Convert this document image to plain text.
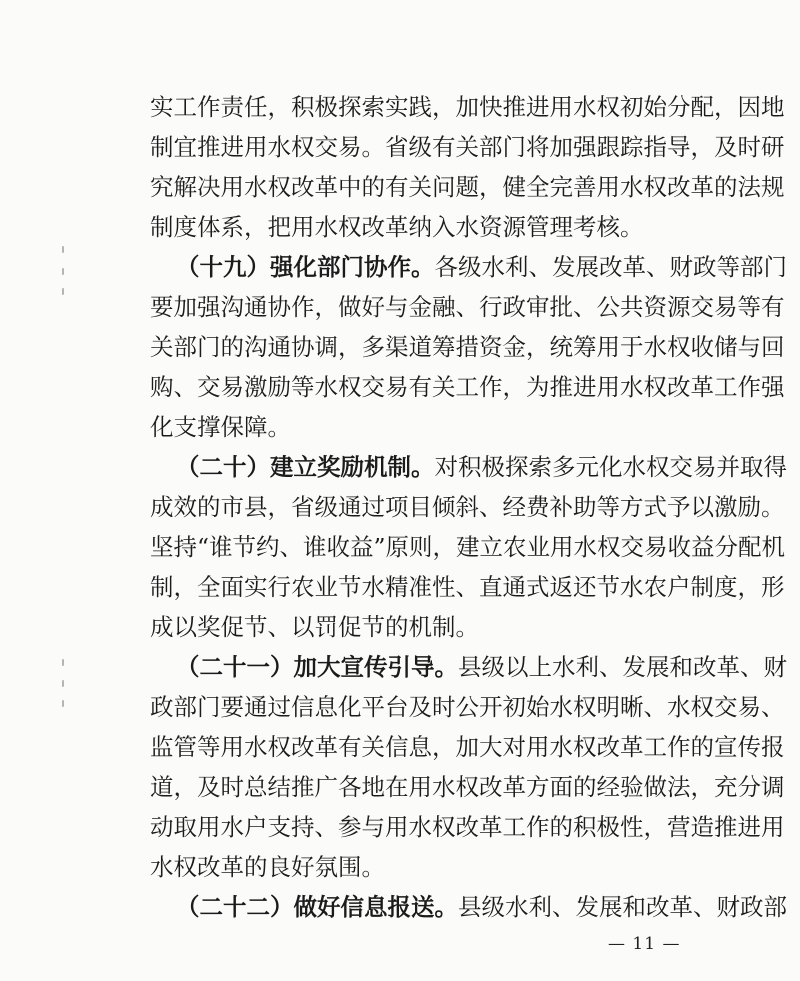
实工作责任，积极探索实践，加快推进用水权初始分配，因地
制宜推进用水权交易。省级有关部门将加强跟踪指导，及时研
究解决用水权改革中的有关问题，健全完善用水权改革的法规
制度体系，把用水权改革纳入水资源管理考核。
（十九）强化部门协作。各级水利、发展改革、财政等部门
要加强沟通协作，做好与金融、行政审批、公共资源交易等有
关部门的沟通协调，多渠道筹措资金，统筹用于水权收储与回
购、交易激励等水权交易有关工作，为推进用水权改革工作强
化支撑保障。
（二十）建立奖励机制。对积极探索多元化水权交易并取得
成效的市县，省级通过项目倾斜、经费补助等方式予以激励。
坚持“谁节约、谁收益”原则，建立农业用水权交易收益分配机
制，全面实行农业节水精准性、直通式返还节水农户制度，形
成以奖促节、以罚促节的机制。
（二十一）加大宣传引导。县级以上水利、发展和改革、财
政部门要通过信息化平台及时公开初始水权明晰、水权交易、
监管等用水权改革有关信息，加大对用水权改革工作的宣传报
道，及时总结推广各地在用水权改革方面的经验做法，充分调
动取用水户支持、参与用水权改革工作的积极性，营造推进用
水权改革的良好氛围。
（二十二）做好信息报送。县级水利、发展和改革、财政部
— 11 —
